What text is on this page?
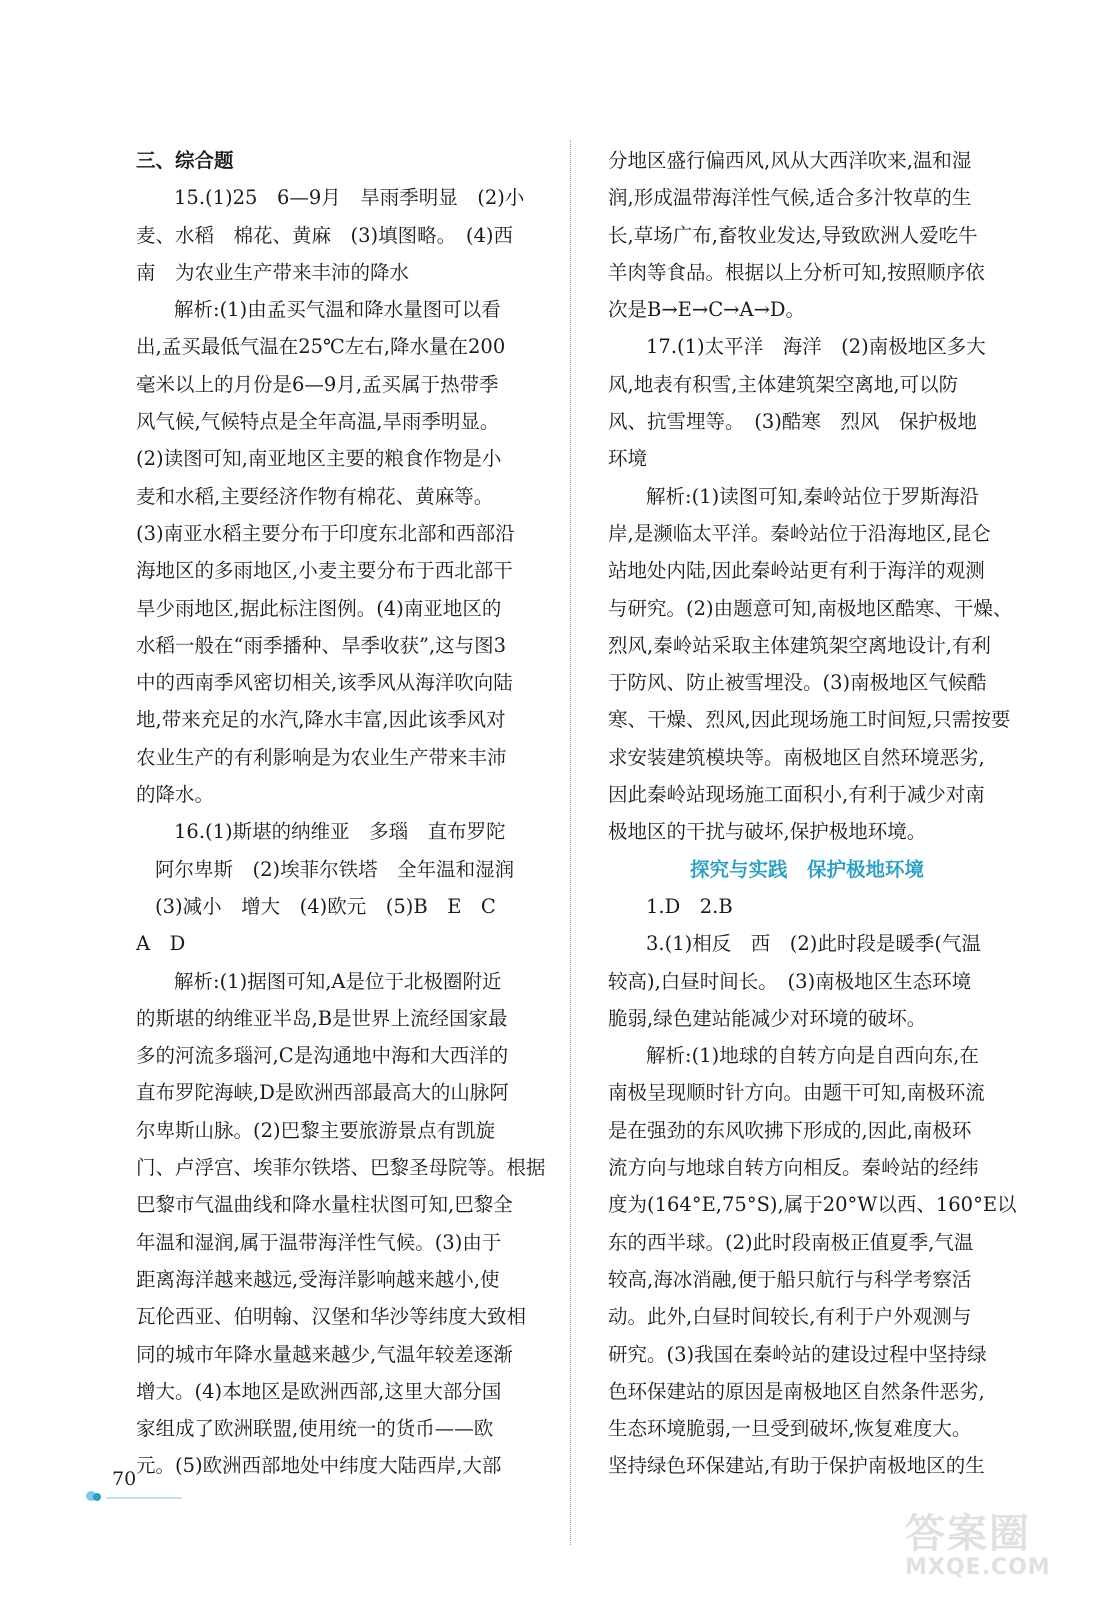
三、综合题
15.(1)25　6—9月　旱雨季明显　(2)小
麦、水稻　棉花、黄麻　(3)填图略。　(4)西
南　为农业生产带来丰沛的降水
解析:(1)由孟买气温和降水量图可以看
出,孟买最低气温在25℃左右,降水量在200
毫米以上的月份是6—9月,孟买属于热带季
风气候,气候特点是全年高温,旱雨季明显。
(2)读图可知,南亚地区主要的粮食作物是小
麦和水稻,主要经济作物有棉花、黄麻等。
(3)南亚水稻主要分布于印度东北部和西部沿
海地区的多雨地区,小麦主要分布于西北部干
旱少雨地区,据此标注图例。(4)南亚地区的
水稻一般在“雨季播种、旱季收获”,这与图3
中的西南季风密切相关,该季风从海洋吹向陆
地,带来充足的水汽,降水丰富,因此该季风对
农业生产的有利影响是为农业生产带来丰沛
的降水。
16.(1)斯堪的纳维亚　多瑙　直布罗陀
阿尔卑斯　(2)埃菲尔铁塔　全年温和湿润
(3)减小　增大　(4)欧元　(5)B　E　C
A　D
解析:(1)据图可知,A是位于北极圈附近
的斯堪的纳维亚半岛,B是世界上流经国家最
多的河流多瑙河,C是沟通地中海和大西洋的
直布罗陀海峡,D是欧洲西部最高大的山脉阿
尔卑斯山脉。(2)巴黎主要旅游景点有凯旋
门、卢浮宫、埃菲尔铁塔、巴黎圣母院等。根据
巴黎市气温曲线和降水量柱状图可知,巴黎全
年温和湿润,属于温带海洋性气候。(3)由于
距离海洋越来越远,受海洋影响越来越小,使
瓦伦西亚、伯明翰、汉堡和华沙等纬度大致相
同的城市年降水量越来越少,气温年较差逐渐
增大。(4)本地区是欧洲西部,这里大部分国
家组成了欧洲联盟,使用统一的货币——欧
元。(5)欧洲西部地处中纬度大陆西岸,大部
分地区盛行偏西风,风从大西洋吹来,温和湿
润,形成温带海洋性气候,适合多汁牧草的生
长,草场广布,畜牧业发达,导致欧洲人爱吃牛
羊肉等食品。根据以上分析可知,按照顺序依
次是B→E→C→A→D。
17.(1)太平洋　海洋　(2)南极地区多大
风,地表有积雪,主体建筑架空离地,可以防
风、抗雪埋等。　(3)酷寒　烈风　保护极地
环境
解析:(1)读图可知,秦岭站位于罗斯海沿
岸,是濒临太平洋。秦岭站位于沿海地区,昆仑
站地处内陆,因此秦岭站更有利于海洋的观测
与研究。(2)由题意可知,南极地区酷寒、干燥、
烈风,秦岭站采取主体建筑架空离地设计,有利
于防风、防止被雪埋没。(3)南极地区气候酷
寒、干燥、烈风,因此现场施工时间短,只需按要
求安装建筑模块等。南极地区自然环境恶劣,
因此秦岭站现场施工面积小,有利于减少对南
极地区的干扰与破坏,保护极地环境。
探究与实践　保护极地环境
1.D　2.B
3.(1)相反　西　(2)此时段是暖季(气温
较高),白昼时间长。　(3)南极地区生态环境
脆弱,绿色建站能减少对环境的破坏。
解析:(1)地球的自转方向是自西向东,在
南极呈现顺时针方向。由题干可知,南极环流
是在强劲的东风吹拂下形成的,因此,南极环
流方向与地球自转方向相反。秦岭站的经纬
度为(164°E,75°S),属于20°W以西、160°E以
东的西半球。(2)此时段南极正值夏季,气温
较高,海冰消融,便于船只航行与科学考察活
动。此外,白昼时间较长,有利于户外观测与
研究。(3)我国在秦岭站的建设过程中坚持绿
色环保建站的原因是南极地区自然条件恶劣,
生态环境脆弱,一旦受到破坏,恢复难度大。
坚持绿色环保建站,有助于保护南极地区的生
70
答案圈
MXQE.COM
